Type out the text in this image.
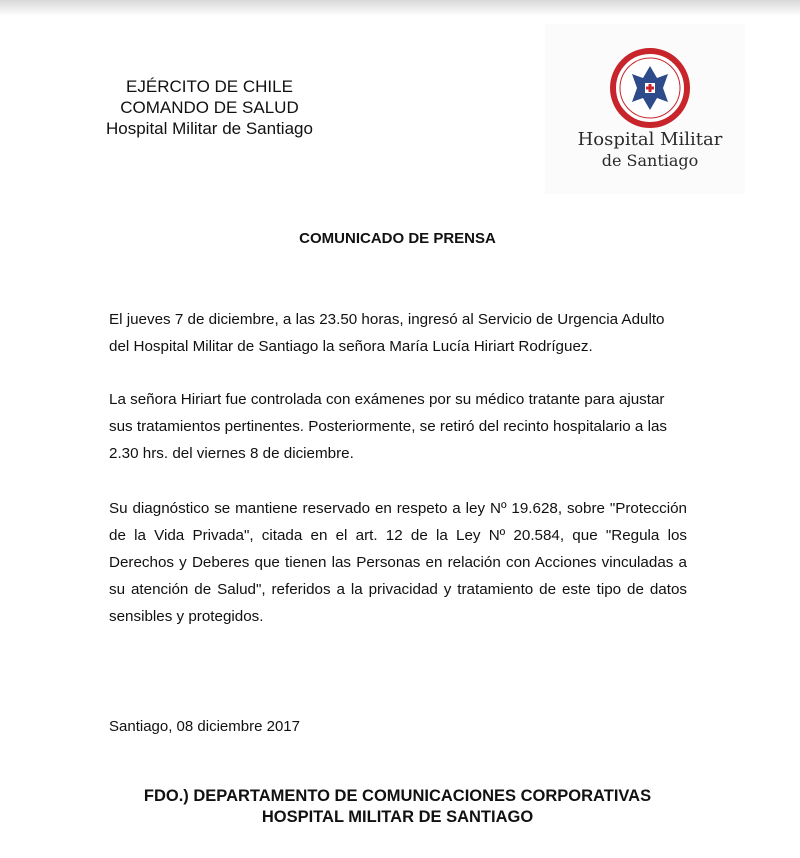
EJÉRCITO DE CHILE
COMANDO DE SALUD
Hospital Militar de Santiago
Hospital Militar
de Santiago
COMUNICADO DE PRENSA
El jueves 7 de diciembre, a las 23.50 horas, ingresó al Servicio de Urgencia Adulto del Hospital Militar de Santiago la señora María Lucía Hiriart Rodríguez.
La señora Hiriart fue controlada con exámenes por su médico tratante para ajustar sus tratamientos pertinentes. Posteriormente, se retiró del recinto hospitalario a las 2.30 hrs. del viernes 8 de diciembre.
Su diagnóstico se mantiene reservado en respeto a ley Nº 19.628, sobre "Protección de la Vida Privada", citada en el art. 12 de la Ley Nº 20.584, que "Regula los Derechos y Deberes que tienen las Personas en relación con Acciones vinculadas a su atención de Salud", referidos a la privacidad y tratamiento de este tipo de datos sensibles y protegidos.
Santiago, 08 diciembre 2017
FDO.) DEPARTAMENTO DE COMUNICACIONES CORPORATIVAS
HOSPITAL MILITAR DE SANTIAGO
